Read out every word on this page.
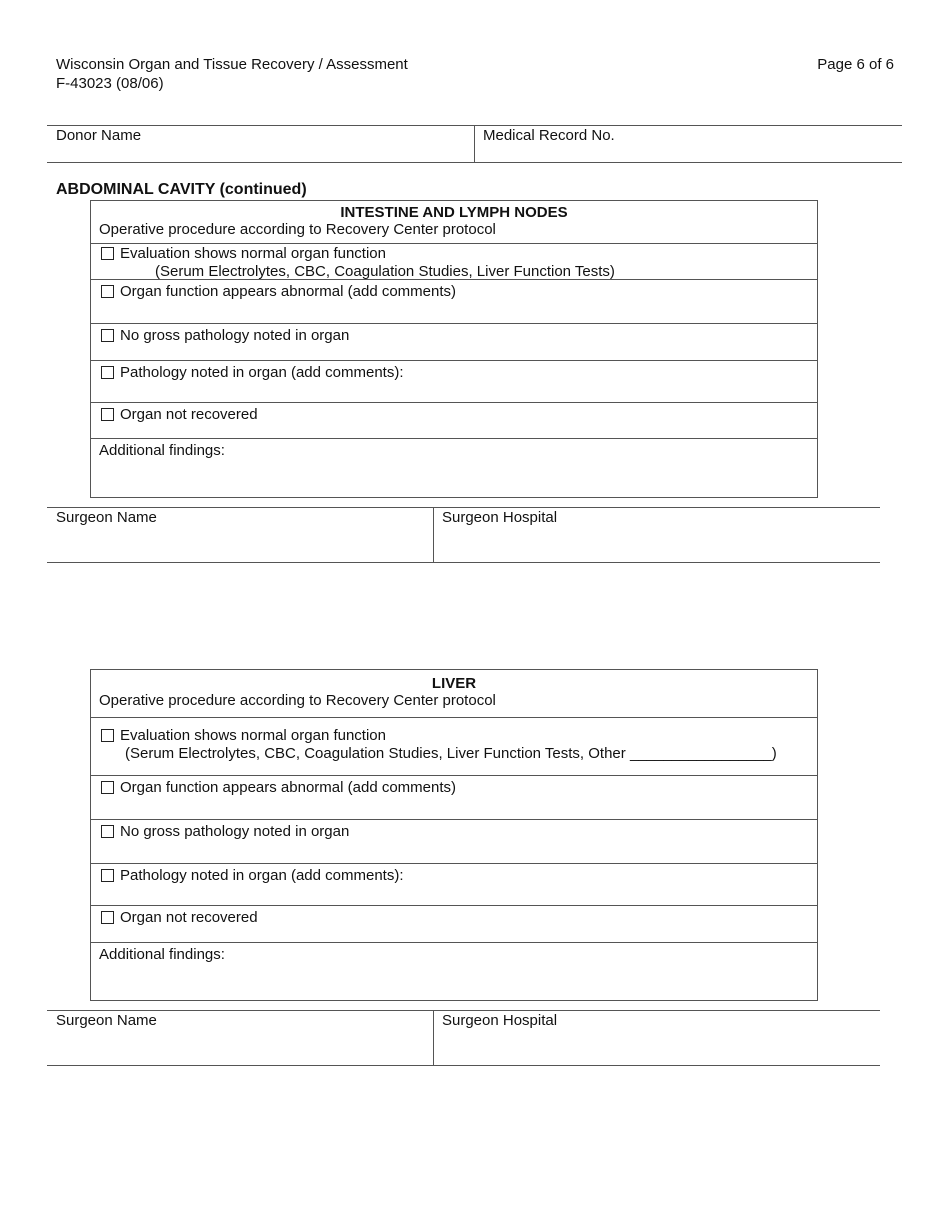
Wisconsin Organ and Tissue Recovery / Assessment
F-43023 (08/06)
Page 6 of 6
Donor Name	Medical Record No.
ABDOMINAL CAVITY (continued)
INTESTINE AND LYMPH NODES
Operative procedure according to Recovery Center protocol
Evaluation shows normal organ function
(Serum Electrolytes, CBC, Coagulation Studies, Liver Function Tests)
Organ function appears abnormal (add comments)
No gross pathology noted in organ
Pathology noted in organ (add comments):
Organ not recovered
Additional findings:
Surgeon Name	Surgeon Hospital
LIVER
Operative procedure according to Recovery Center protocol
Evaluation shows normal organ function
(Serum Electrolytes, CBC, Coagulation Studies, Liver Function Tests, Other _________________)
Organ function appears abnormal (add comments)
No gross pathology noted in organ
Pathology noted in organ (add comments):
Organ not recovered
Additional findings:
Surgeon Name	Surgeon Hospital
